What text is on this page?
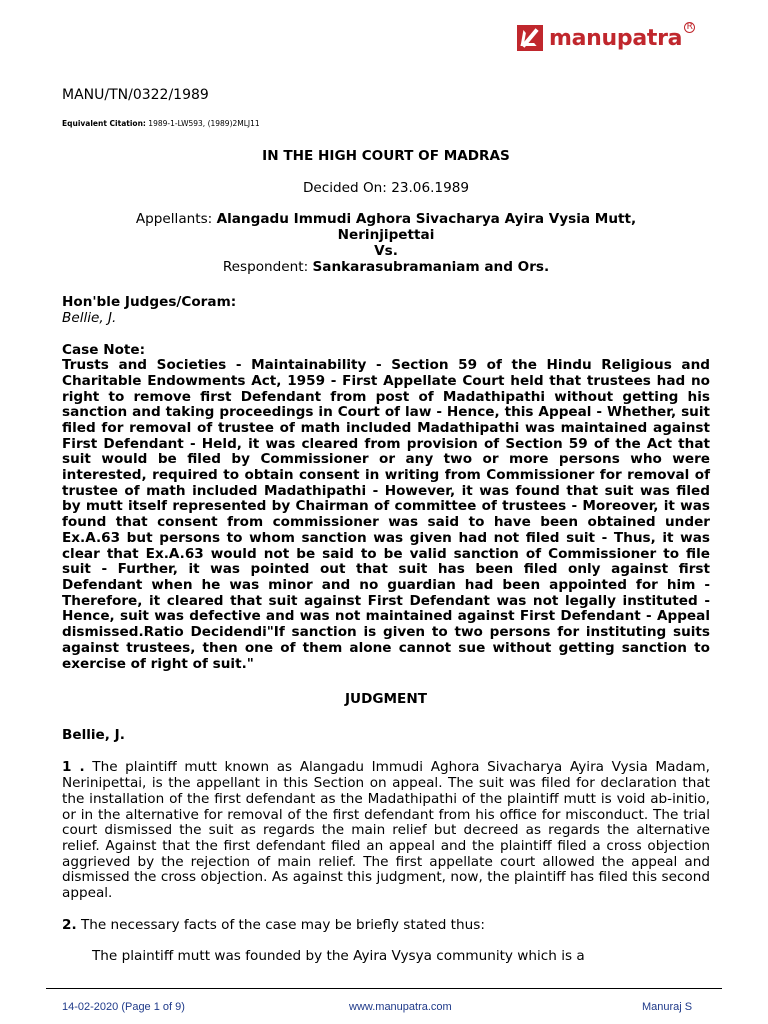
manupatra R

MANU/TN/0322/1989

Equivalent Citation: 1989-1-LW593, (1989)2MLJ11

IN THE HIGH COURT OF MADRAS

Decided On: 23.06.1989

Appellants: Alangadu Immudi Aghora Sivacharya Ayira Vysia Mutt,
Nerinjipettai
Vs.
Respondent: Sankarasubramaniam and Ors.

Hon'ble Judges/Coram:

Bellie, J.

Case Note:

Trusts and Societies - Maintainability - Section 59 of the Hindu Religious and Charitable Endowments Act, 1959 - First Appellate Court held that trustees had no right to remove first Defendant from post of Madathipathi without getting his sanction and taking proceedings in Court of law - Hence, this Appeal - Whether, suit filed for removal of trustee of math included Madathipathi was maintained against First Defendant - Held, it was cleared from provision of Section 59 of the Act that suit would be filed by Commissioner or any two or more persons who were interested, required to obtain consent in writing from Commissioner for removal of trustee of math included Madathipathi - However, it was found that suit was filed by mutt itself represented by Chairman of committee of trustees - Moreover, it was found that consent from commissioner was said to have been obtained under Ex.A.63 but persons to whom sanction was given had not filed suit - Thus, it was clear that Ex.A.63 would not be said to be valid sanction of Commissioner to file suit - Further, it was pointed out that suit has been filed only against first Defendant when he was minor and no guardian had been appointed for him - Therefore, it cleared that suit against First Defendant was not legally instituted - Hence, suit was defective and was not maintained against First Defendant - Appeal dismissed.Ratio Decidendi"If sanction is given to two persons for instituting suits against trustees, then one of them alone cannot sue without getting sanction to exercise of right of suit."

JUDGMENT

Bellie, J.

1 . The plaintiff mutt known as Alangadu Immudi Aghora Sivacharya Ayira Vysia Madam, Nerinipettai, is the appellant in this Section on appeal. The suit was filed for declaration that the installation of the first defendant as the Madathipathi of the plaintiff mutt is void ab-initio, or in the alternative for removal of the first defendant from his office for misconduct. The trial court dismissed the suit as regards the main relief but decreed as regards the alternative relief. Against that the first defendant filed an appeal and the plaintiff filed a cross objection aggrieved by the rejection of main relief. The first appellate court allowed the appeal and dismissed the cross objection. As against this judgment, now, the plaintiff has filed this second appeal.

2. The necessary facts of the case may be briefly stated thus:

The plaintiff mutt was founded by the Ayira Vysya community which is a

14-02-2020 (Page 1 of 9)	www.manupatra.com	Manuraj S
